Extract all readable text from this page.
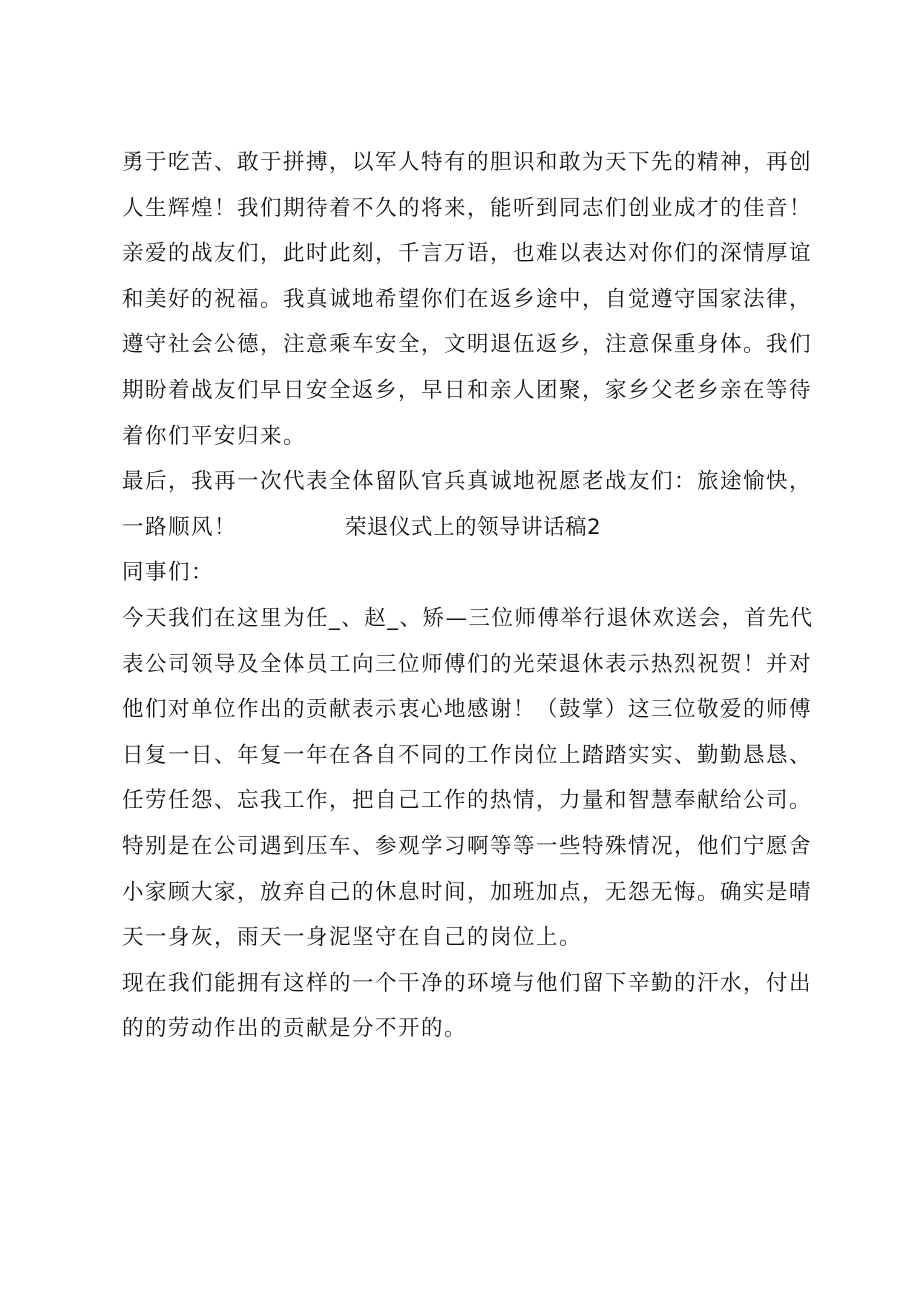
勇于吃苦、敢于拼搏，以军人特有的胆识和敢为天下先的精神，再创
人生辉煌！我们期待着不久的将来，能听到同志们创业成才的佳音！
亲爱的战友们，此时此刻，千言万语，也难以表达对你们的深情厚谊
和美好的祝福。我真诚地希望你们在返乡途中，自觉遵守国家法律，
遵守社会公德，注意乘车安全，文明退伍返乡，注意保重身体。我们
期盼着战友们早日安全返乡，早日和亲人团聚，家乡父老乡亲在等待
着你们平安归来。
最后，我再一次代表全体留队官兵真诚地祝愿老战友们：旅途愉快，
一路顺风！	荣退仪式上的领导讲话稿2
同事们：
今天我们在这里为任_、赵_、矫—三位师傅举行退休欢送会，首先代
表公司领导及全体员工向三位师傅们的光荣退休表示热烈祝贺！并对
他们对单位作出的贡献表示衷心地感谢！（鼓掌）这三位敬爱的师傅
日复一日、年复一年在各自不同的工作岗位上踏踏实实、勤勤恳恳、
任劳任怨、忘我工作，把自己工作的热情，力量和智慧奉献给公司。
特别是在公司遇到压车、参观学习啊等等一些特殊情况，他们宁愿舍
小家顾大家，放弃自己的休息时间，加班加点，无怨无悔。确实是晴
天一身灰，雨天一身泥坚守在自己的岗位上。
现在我们能拥有这样的一个干净的环境与他们留下辛勤的汗水，付出
的的劳动作出的贡献是分不开的。
